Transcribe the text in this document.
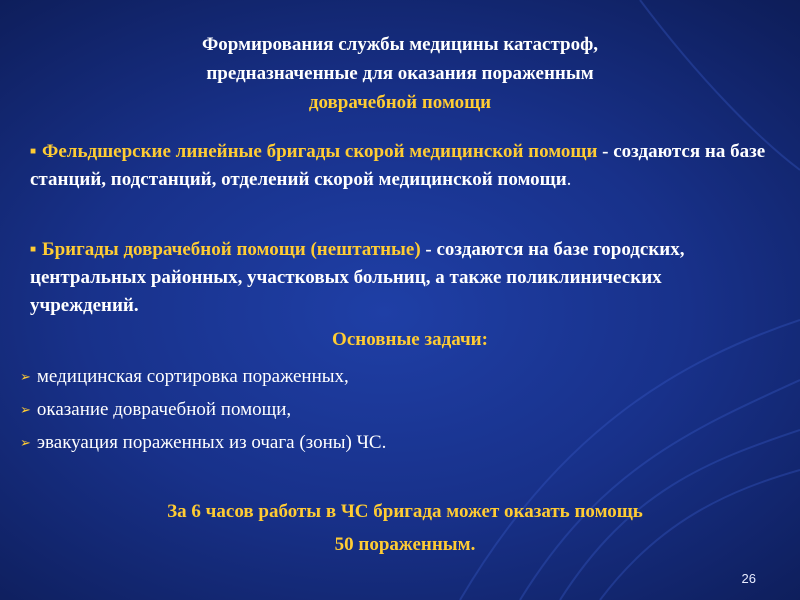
Формирования службы медицины катастроф,
предназначенные для оказания пораженным
доврачебной помощи
■ Фельдшерские линейные бригады скорой медицинской помощи - создаются на базе станций, подстанций, отделений скорой медицинской помощи.
■ Бригады доврачебной помощи (нештатные) - создаются на базе городских, центральных районных, участковых больниц, а также поликлинических учреждений.
Основные задачи:
➢ медицинская сортировка пораженных,
➢ оказание доврачебной помощи,
➢ эвакуация пораженных из очага (зоны) ЧС.
За 6 часов работы в ЧС бригада может оказать помощь
50 пораженным.
26
